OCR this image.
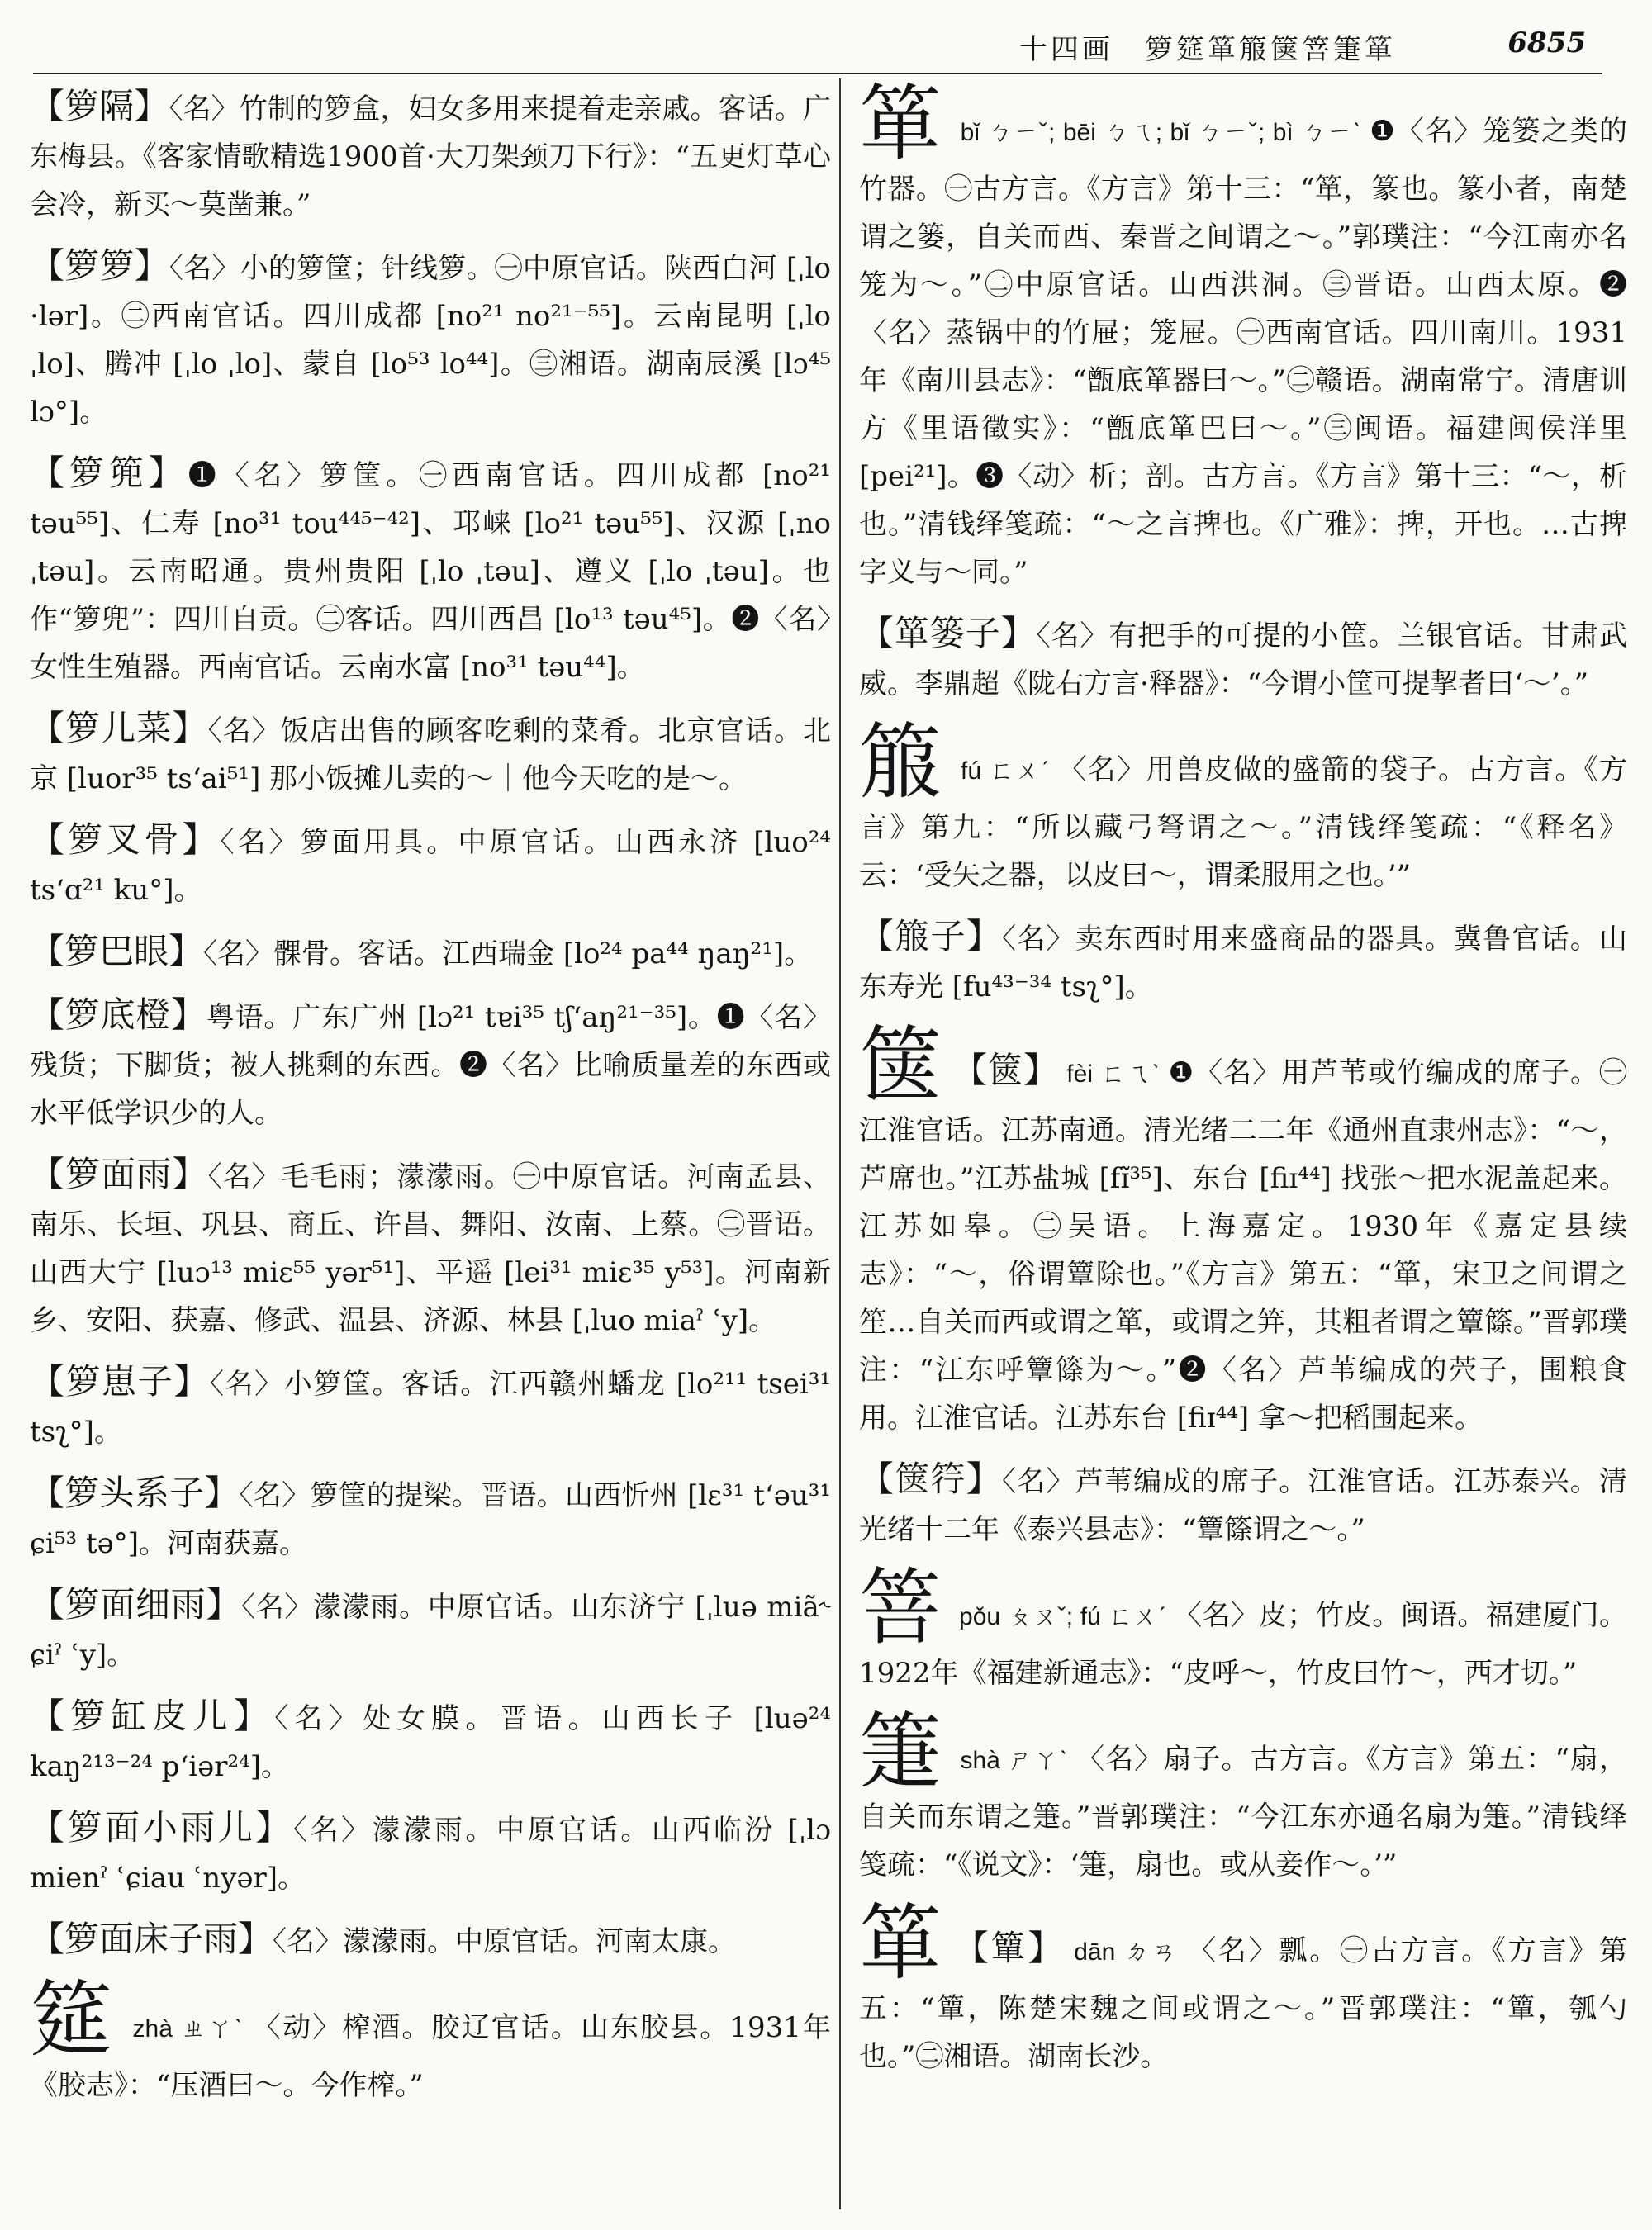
十四画　箩筵箪箙箧箁箑箪	6855
【箩隔】〈名〉竹制的箩盒，妇女多用来提着走亲戚。客话。广东梅县。《客家情歌精选1900首·大刀架颈刀下行》：“五更灯草心会冷，新买～莫凿兼。”
【箩箩】〈名〉小的箩筐；针线箩。㊀中原官话。陕西白河 [ˌlo ·lər]。㊁西南官话。四川成都 [no²¹ no²¹⁻⁵⁵]。云南昆明 [ˌlo ˌlo]、腾冲 [ˌlo ˌlo]、蒙自 [lo⁵³ lo⁴⁴]。㊂湘语。湖南辰溪 [lɔ⁴⁵ lɔ°]。
【箩篼】❶〈名〉箩筐。㊀西南官话。四川成都 [no²¹ təu⁵⁵]、仁寿 [no³¹ tou⁴⁴⁵⁻⁴²]、邛崃 [lo²¹ təu⁵⁵]、汉源 [ˌno ˌtəu]。云南昭通。贵州贵阳 [ˌlo ˌtəu]、遵义 [ˌlo ˌtəu]。也作“箩兜”：四川自贡。㊁客话。四川西昌 [lo¹³ təu⁴⁵]。❷〈名〉女性生殖器。西南官话。云南水富 [no³¹ təu⁴⁴]。
【箩儿菜】〈名〉饭店出售的顾客吃剩的菜肴。北京官话。北京 [luor³⁵ tsʻai⁵¹] 那小饭摊儿卖的～｜他今天吃的是～。
【箩叉骨】〈名〉箩面用具。中原官话。山西永济 [luo²⁴ tsʻɑ²¹ ku°]。
【箩巴眼】〈名〉髁骨。客话。江西瑞金 [lo²⁴ pa⁴⁴ ŋaŋ²¹]。
【箩底橙】粤语。广东广州 [lɔ²¹ tɐi³⁵ tʃʻaŋ²¹⁻³⁵]。❶〈名〉残货；下脚货；被人挑剩的东西。❷〈名〉比喻质量差的东西或水平低学识少的人。
【箩面雨】〈名〉毛毛雨；濛濛雨。㊀中原官话。河南孟县、南乐、长垣、巩县、商丘、许昌、舞阳、汝南、上蔡。㊁晋语。山西大宁 [luɔ¹³ miɛ⁵⁵ yər⁵¹]、平遥 [lei³¹ miɛ³⁵ y⁵³]。河南新乡、安阳、获嘉、修武、温县、济源、林县 [ˌluo miaˀ ʿy]。
【箩崽子】〈名〉小箩筐。客话。江西赣州蟠龙 [lo²¹¹ tsei³¹ tsʅ°]。
【箩头系子】〈名〉箩筐的提梁。晋语。山西忻州 [lɛ³¹ tʻəu³¹ ɕi⁵³ tə°]。河南获嘉。
【箩面细雨】〈名〉濛濛雨。中原官话。山东济宁 [ˌluə miã˞ ɕiˀ ʿy]。
【箩缸皮儿】〈名〉处女膜。晋语。山西长子 [luə²⁴ kaŋ²¹³⁻²⁴ pʻiər²⁴]。
【箩面小雨儿】〈名〉濛濛雨。中原官话。山西临汾 [ˌlɔ mienˀ ʿɕiau ʿnyər]。
【箩面床子雨】〈名〉濛濛雨。中原官话。河南太康。
筵 zhà ㄓㄚˋ 〈动〉榨酒。胶辽官话。山东胶县。1931年《胶志》：“压酒曰～。今作榨。”
箪 bǐ ㄅㄧˇ; bēi ㄅㄟ; bǐ ㄅㄧˇ; bì ㄅㄧˋ ❶〈名〉笼篓之类的竹器。㊀古方言。《方言》第十三：“箪，篆也。篆小者，南楚谓之篓，自关而西、秦晋之间谓之～。”郭璞注：“今江南亦名笼为～。”㊁中原官话。山西洪洞。㊂晋语。山西太原。❷〈名〉蒸锅中的竹屉；笼屉。㊀西南官话。四川南川。1931年《南川县志》：“甑底箪器曰～。”㊁赣语。湖南常宁。清唐训方《里语徵实》：“甑底箪巴曰～。”㊂闽语。福建闽侯洋里 [pei²¹]。❸〈动〉析；剖。古方言。《方言》第十三：“～，析也。”清钱绎笺疏：“～之言捭也。《广雅》：捭，开也。…古捭字义与～同。”
【箪篓子】〈名〉有把手的可提的小筐。兰银官话。甘肃武威。李鼎超《陇右方言·释器》：“今谓小筐可提挈者曰‘～’。”
箙 fú ㄈㄨˊ 〈名〉用兽皮做的盛箭的袋子。古方言。《方言》第九：“所以藏弓弩谓之～。”清钱绎笺疏：“《释名》云：‘受矢之器，以皮曰～，谓柔服用之也。’”
【箙子】〈名〉卖东西时用来盛商品的器具。冀鲁官话。山东寿光 [fu⁴³⁻³⁴ tsʅ°]。
箧 【篋】 fèi ㄈㄟˋ ❶〈名〉用芦苇或竹编成的席子。㊀江淮官话。江苏南通。清光绪二二年《通州直隶州志》：“～，芦席也。”江苏盐城 [fɪ̃³⁵]、东台 [fiɪ⁴⁴] 找张～把水泥盖起来。江苏如皋。㊁吴语。上海嘉定。1930年《嘉定县续志》：“～，俗谓簟除也。”《方言》第五：“箪，宋卫之间谓之笙…自关而西或谓之箪，或谓之笄，其粗者谓之簟篨。”晋郭璞注：“江东呼簟篨为～。”❷〈名〉芦苇编成的茓子，围粮食用。江淮官话。江苏东台 [fiɪ⁴⁴] 拿～把稻围起来。
【箧筕】〈名〉芦苇编成的席子。江淮官话。江苏泰兴。清光绪十二年《泰兴县志》：“簟篨谓之～。”
箁 pǒu ㄆㄡˇ; fú ㄈㄨˊ 〈名〉皮；竹皮。闽语。福建厦门。1922年《福建新通志》：“皮呼～，竹皮曰竹～，西才切。”
箑 shà ㄕㄚˋ 〈名〉扇子。古方言。《方言》第五：“扇，自关而东谓之箑。”晋郭璞注：“今江东亦通名扇为箑。”清钱绎笺疏：“《说文》：‘箑，扇也。或从妾作～。’”
箪 【簞】 dān ㄉㄢ 〈名〉瓢。㊀古方言。《方言》第五：“簞，陈楚宋魏之间或谓之～。”晋郭璞注：“簞，瓠勺也。”㊁湘语。湖南长沙。
